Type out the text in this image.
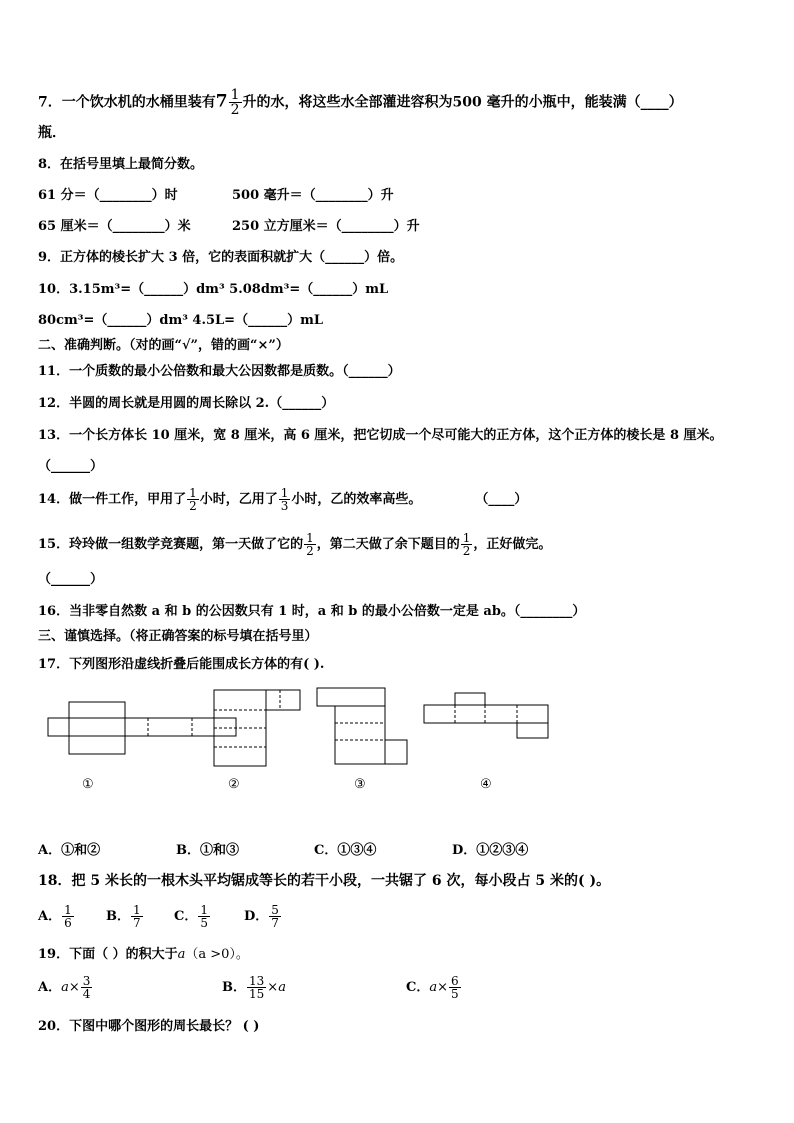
7．一个饮水机的水桶里装有$7 \frac{1}{2}$ 升的水，将这些水全部灌进容积为500 毫升的小瓶中，能装满（____）
瓶．
8．在括号里填上最简分数。
61 分＝（________）时	500 毫升＝（________）升
65 厘米＝（________）米	250 立方厘米＝（________）升
9．正方体的棱长扩大 3 倍，它的表面积就扩大（______）倍。
10．3.15m³=（______）dm³ 5.08dm³=（______）mL
80cm³=（______）dm³ 4.5L=（______）mL
二、准确判断。（对的画“√”，错的画“×”）
11．一个质数的最小公倍数和最大公因数都是质数。（______）
12．半圆的周长就是用圆的周长除以 2.（______）
13．一个长方体长 10 厘米，宽 8 厘米，高 6 厘米，把它切成一个尽可能大的正方体，这个正方体的棱长是 8 厘米。
（______）
14．做一件工作，甲用了 $\frac{1}{2}$ 小时，乙用了 $\frac{1}{3}$ 小时，乙的效率高些。	（____）
15．玲玲做一组数学竞赛题，第一天做了它的 $\frac{1}{2}$ ，第二天做了余下题目的 $\frac{1}{2}$ ，正好做完。
（______）
16．当非零自然数 a 和 b 的公因数只有 1 时，a 和 b 的最小公倍数一定是 ab。（________）
三、谨慎选择。（将正确答案的标号填在括号里）
17．下列图形沿虚线折叠后能围成长方体的有( ).
①	②	③	④
A．①和②	B．①和③	C．①③④	D．①②③④
18．把 5 米长的一根木头平均锯成等长的若干小段，一共锯了 6 次，每小段占 5 米的( )。
A． $\frac{1}{6}$ B． $\frac{1}{7}$ C． $\frac{1}{5}$	D． $\frac{5}{7}$
19．下面（ ）的积大于a（a >0）。
A．$a\times \frac{3}{4}$	B． $\frac{13}{15} \times a$	C．$a\times \frac{6}{5}$
20．下图中哪个图形的周长最长？ ( )
